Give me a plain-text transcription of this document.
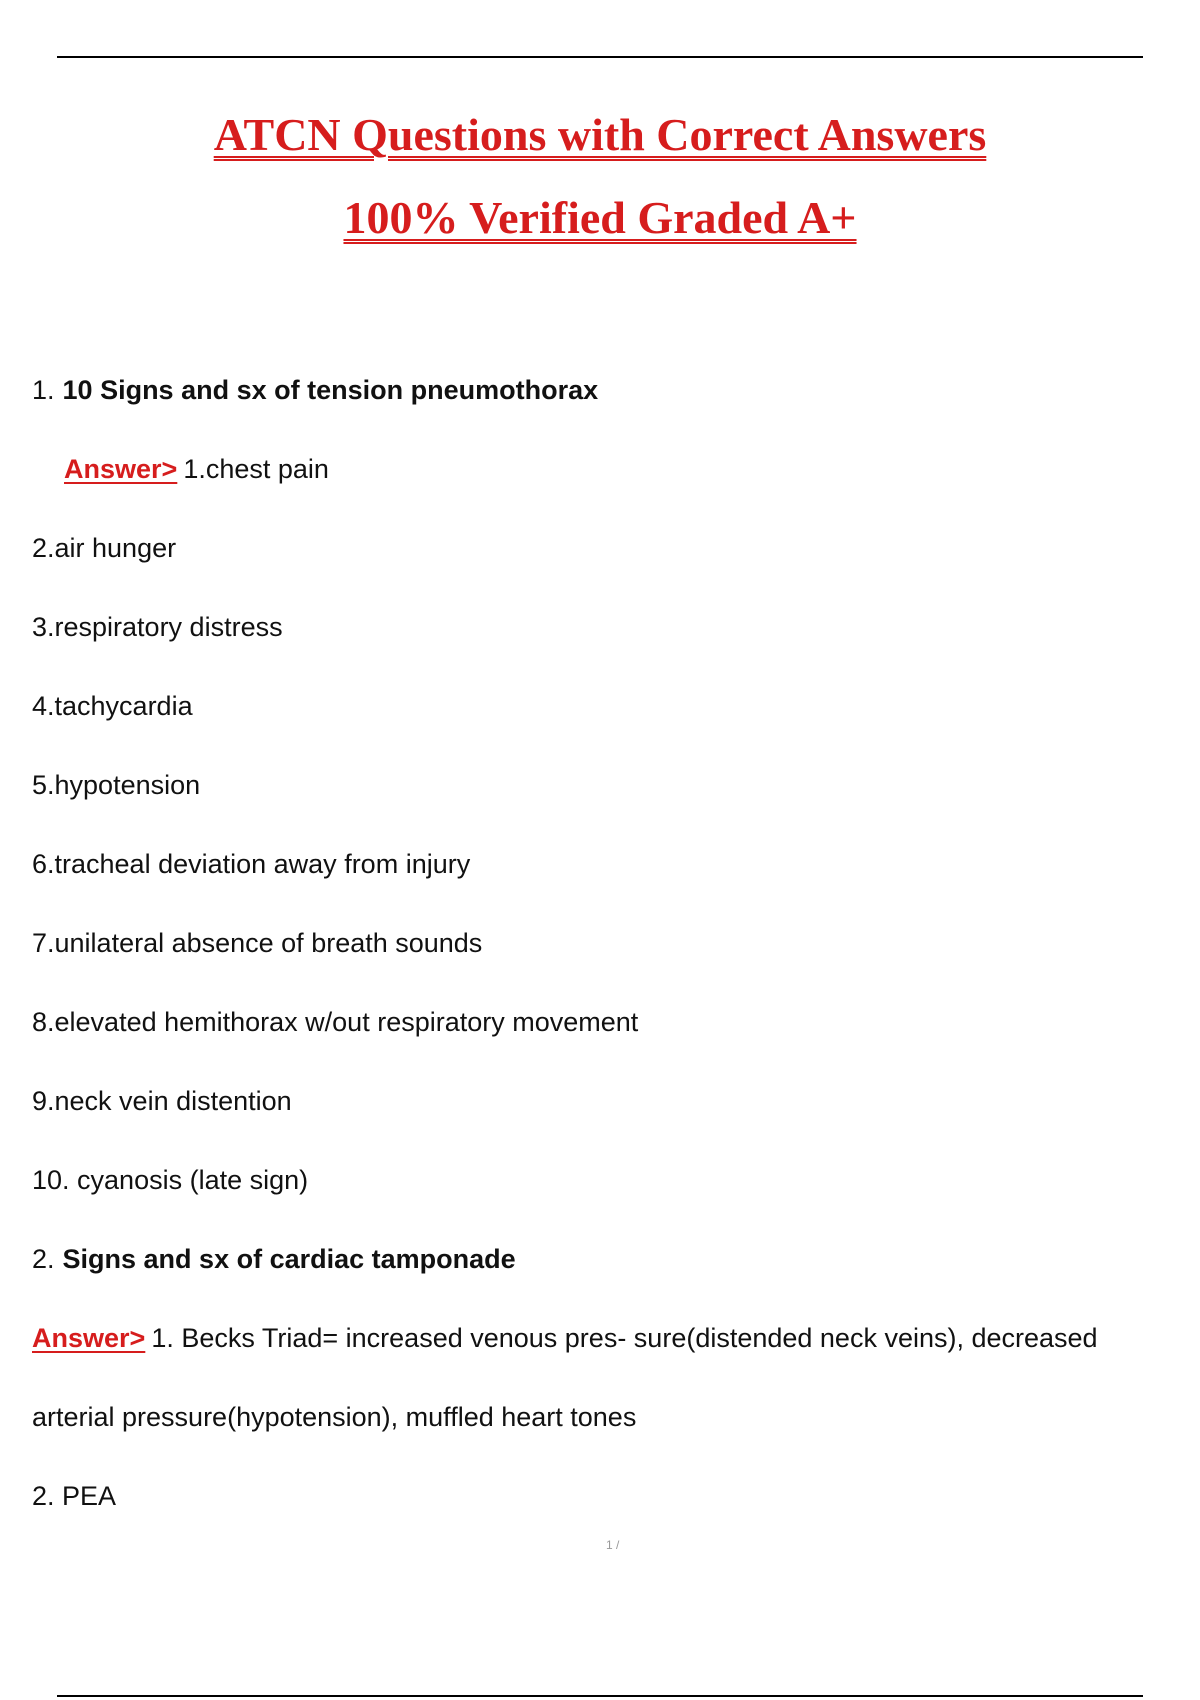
ATCN Questions with Correct Answers
100% Verified Graded A+
1. 10 Signs and sx of tension pneumothorax
Answer> 1.chest pain
2.air hunger
3.respiratory distress
4.tachycardia
5.hypotension
6.tracheal deviation away from injury
7.unilateral absence of breath sounds
8.elevated hemithorax w/out respiratory movement
9.neck vein distention
10. cyanosis (late sign)
2. Signs and sx of cardiac tamponade
Answer> 1. Becks Triad= increased venous pres- sure(distended neck veins), decreased
arterial pressure(hypotension), muffled heart tones
2. PEA
1 /
